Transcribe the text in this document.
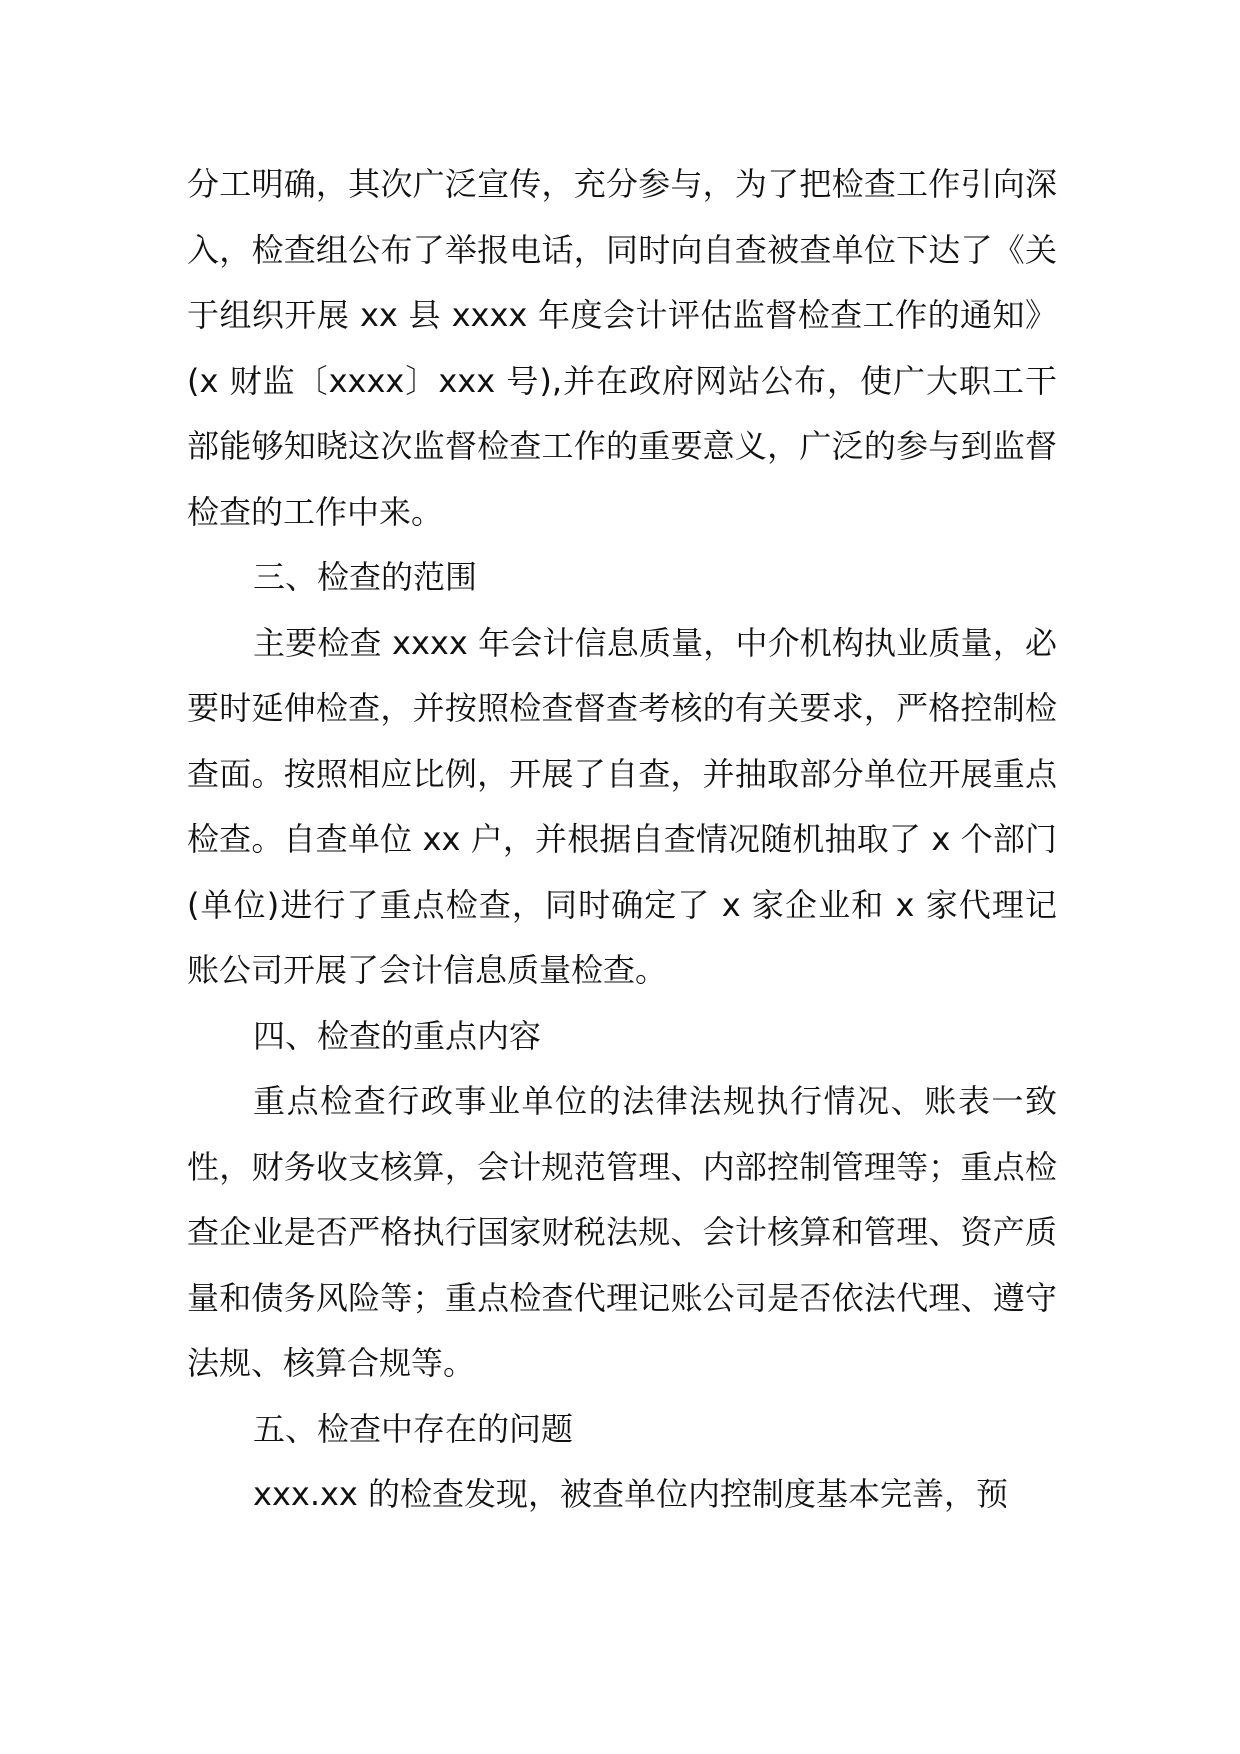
分工明确，其次广泛宣传，充分参与，为了把检查工作引向深入，检查组公布了举报电话，同时向自查被查单位下达了《关于组织开展 xx 县 xxxx 年度会计评估监督检查工作的通知》(x 财监〔xxxx〕xxx 号),并在政府网站公布，使广大职工干部能够知晓这次监督检查工作的重要意义，广泛的参与到监督检查的工作中来。

三、检查的范围

主要检查 xxxx 年会计信息质量，中介机构执业质量，必要时延伸检查，并按照检查督查考核的有关要求，严格控制检查面。按照相应比例，开展了自查，并抽取部分单位开展重点检查。自查单位 xx 户，并根据自查情况随机抽取了 x 个部门(单位)进行了重点检查，同时确定了 x 家企业和 x 家代理记账公司开展了会计信息质量检查。

四、检查的重点内容

重点检查行政事业单位的法律法规执行情况、账表一致性，财务收支核算，会计规范管理、内部控制管理等；重点检查企业是否严格执行国家财税法规、会计核算和管理、资产质量和债务风险等；重点检查代理记账公司是否依法代理、遵守法规、核算合规等。

五、检查中存在的问题

xxx.xx 的检查发现，被查单位内控制度基本完善，预
